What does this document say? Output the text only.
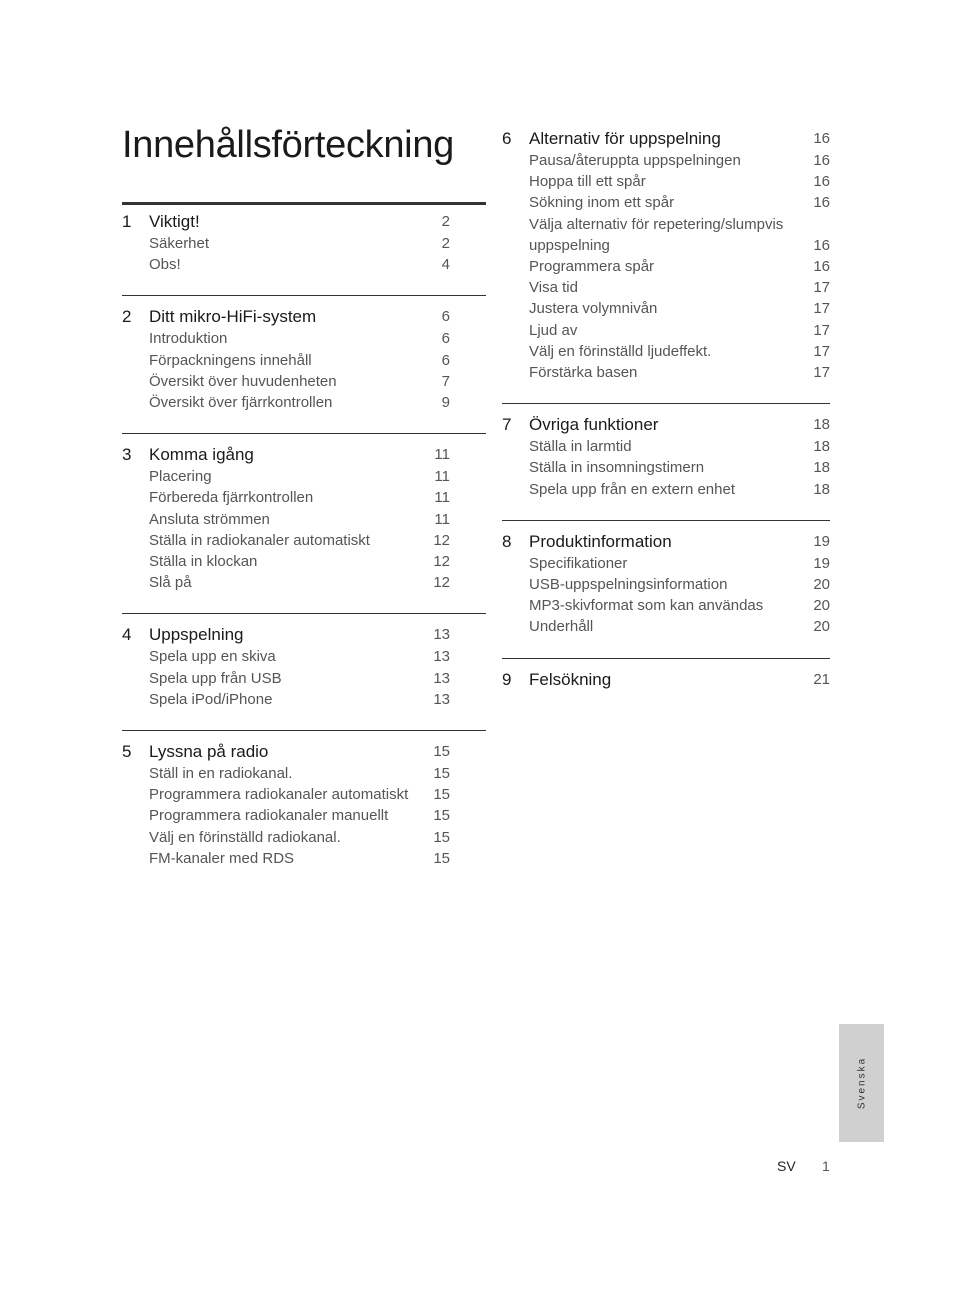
Innehållsförteckning
1	Viktigt!	2
Säkerhet	2
Obs!	4
2	Ditt mikro-HiFi-system	6
Introduktion	6
Förpackningens innehåll	6
Översikt över huvudenheten	7
Översikt över fjärrkontrollen	9
3	Komma igång	11
Placering	11
Förbereda fjärrkontrollen	11
Ansluta strömmen	11
Ställa in radiokanaler automatiskt	12
Ställa in klockan	12
Slå på	12
4	Uppspelning	13
Spela upp en skiva	13
Spela upp från USB	13
Spela iPod/iPhone	13
5	Lyssna på radio	15
Ställ in en radiokanal.	15
Programmera radiokanaler automatiskt	15
Programmera radiokanaler manuellt	15
Välj en förinställd radiokanal.	15
FM-kanaler med RDS	15
6	Alternativ för uppspelning	16
Pausa/återuppta uppspelningen	16
Hoppa till ett spår	16
Sökning inom ett spår	16
Välja alternativ för repetering/slumpvis uppspelning	16
Programmera spår	16
Visa tid	17
Justera volymnivån	17
Ljud av	17
Välj en förinställd ljudeffekt.	17
Förstärka basen	17
7	Övriga funktioner	18
Ställa in larmtid	18
Ställa in insomningstimern	18
Spela upp från en extern enhet	18
8	Produktinformation	19
Specifikationer	19
USB-uppspelningsinformation	20
MP3-skivformat som kan användas	20
Underhåll	20
9	Felsökning	21
Svenska
SV 1
